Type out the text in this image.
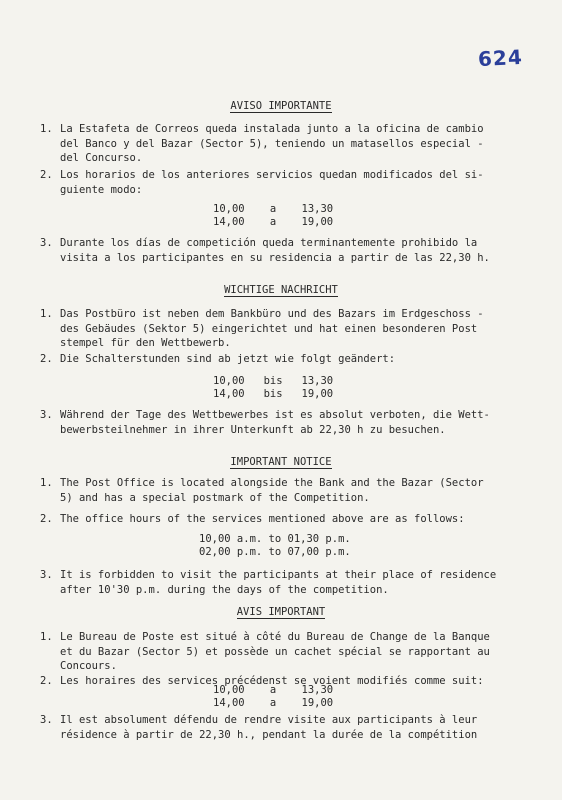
624
AVISO IMPORTANTE
1. La Estafeta de Correos queda instalada junto a la oficina de cambio
del Banco y del Bazar (Sector 5), teniendo un matasellos especial -
del Concurso.
2. Los horarios de los anteriores servicios quedan modificados del si-
guiente modo:
10,00    a    13,30
14,00    a    19,00
3. Durante los días de competición queda terminantemente prohibido la
visita a los participantes en su residencia a partir de las 22,30 h.
WICHTIGE NACHRICHT
1. Das Postbüro ist neben dem Bankbüro und des Bazars im Erdgeschoss -
des Gebäudes (Sektor 5) eingerichtet und hat einen besonderen Post
stempel für den Wettbewerb.
2. Die Schalterstunden sind ab jetzt wie folgt geändert:
10,00   bis   13,30
14,00   bis   19,00
3. Während der Tage des Wettbewerbes ist es absolut verboten, die Wett-
bewerbsteilnehmer in ihrer Unterkunft ab 22,30 h zu besuchen.
IMPORTANT NOTICE
1. The Post Office is located alongside the Bank and the Bazar (Sector
5) and has a special postmark of the Competition.
2. The office hours of the services mentioned above are as follows:
10,00 a.m. to 01,30 p.m.
02,00 p.m. to 07,00 p.m.
3. It is forbidden to visit the participants at their place of residence
after 10'30 p.m. during the days of the competition.
AVIS IMPORTANT
1. Le Bureau de Poste est situé à côté du Bureau de Change de la Banque
et du Bazar (Sector 5) et possède un cachet spécial se rapportant au
Concours.
2. Les horaires des services précédenst se voient modifiés comme suit:
10,00    a    13,30
14,00    a    19,00
3. Il est absolument défendu de rendre visite aux participants à leur
résidence à partir de 22,30 h., pendant la durée de la compétition
